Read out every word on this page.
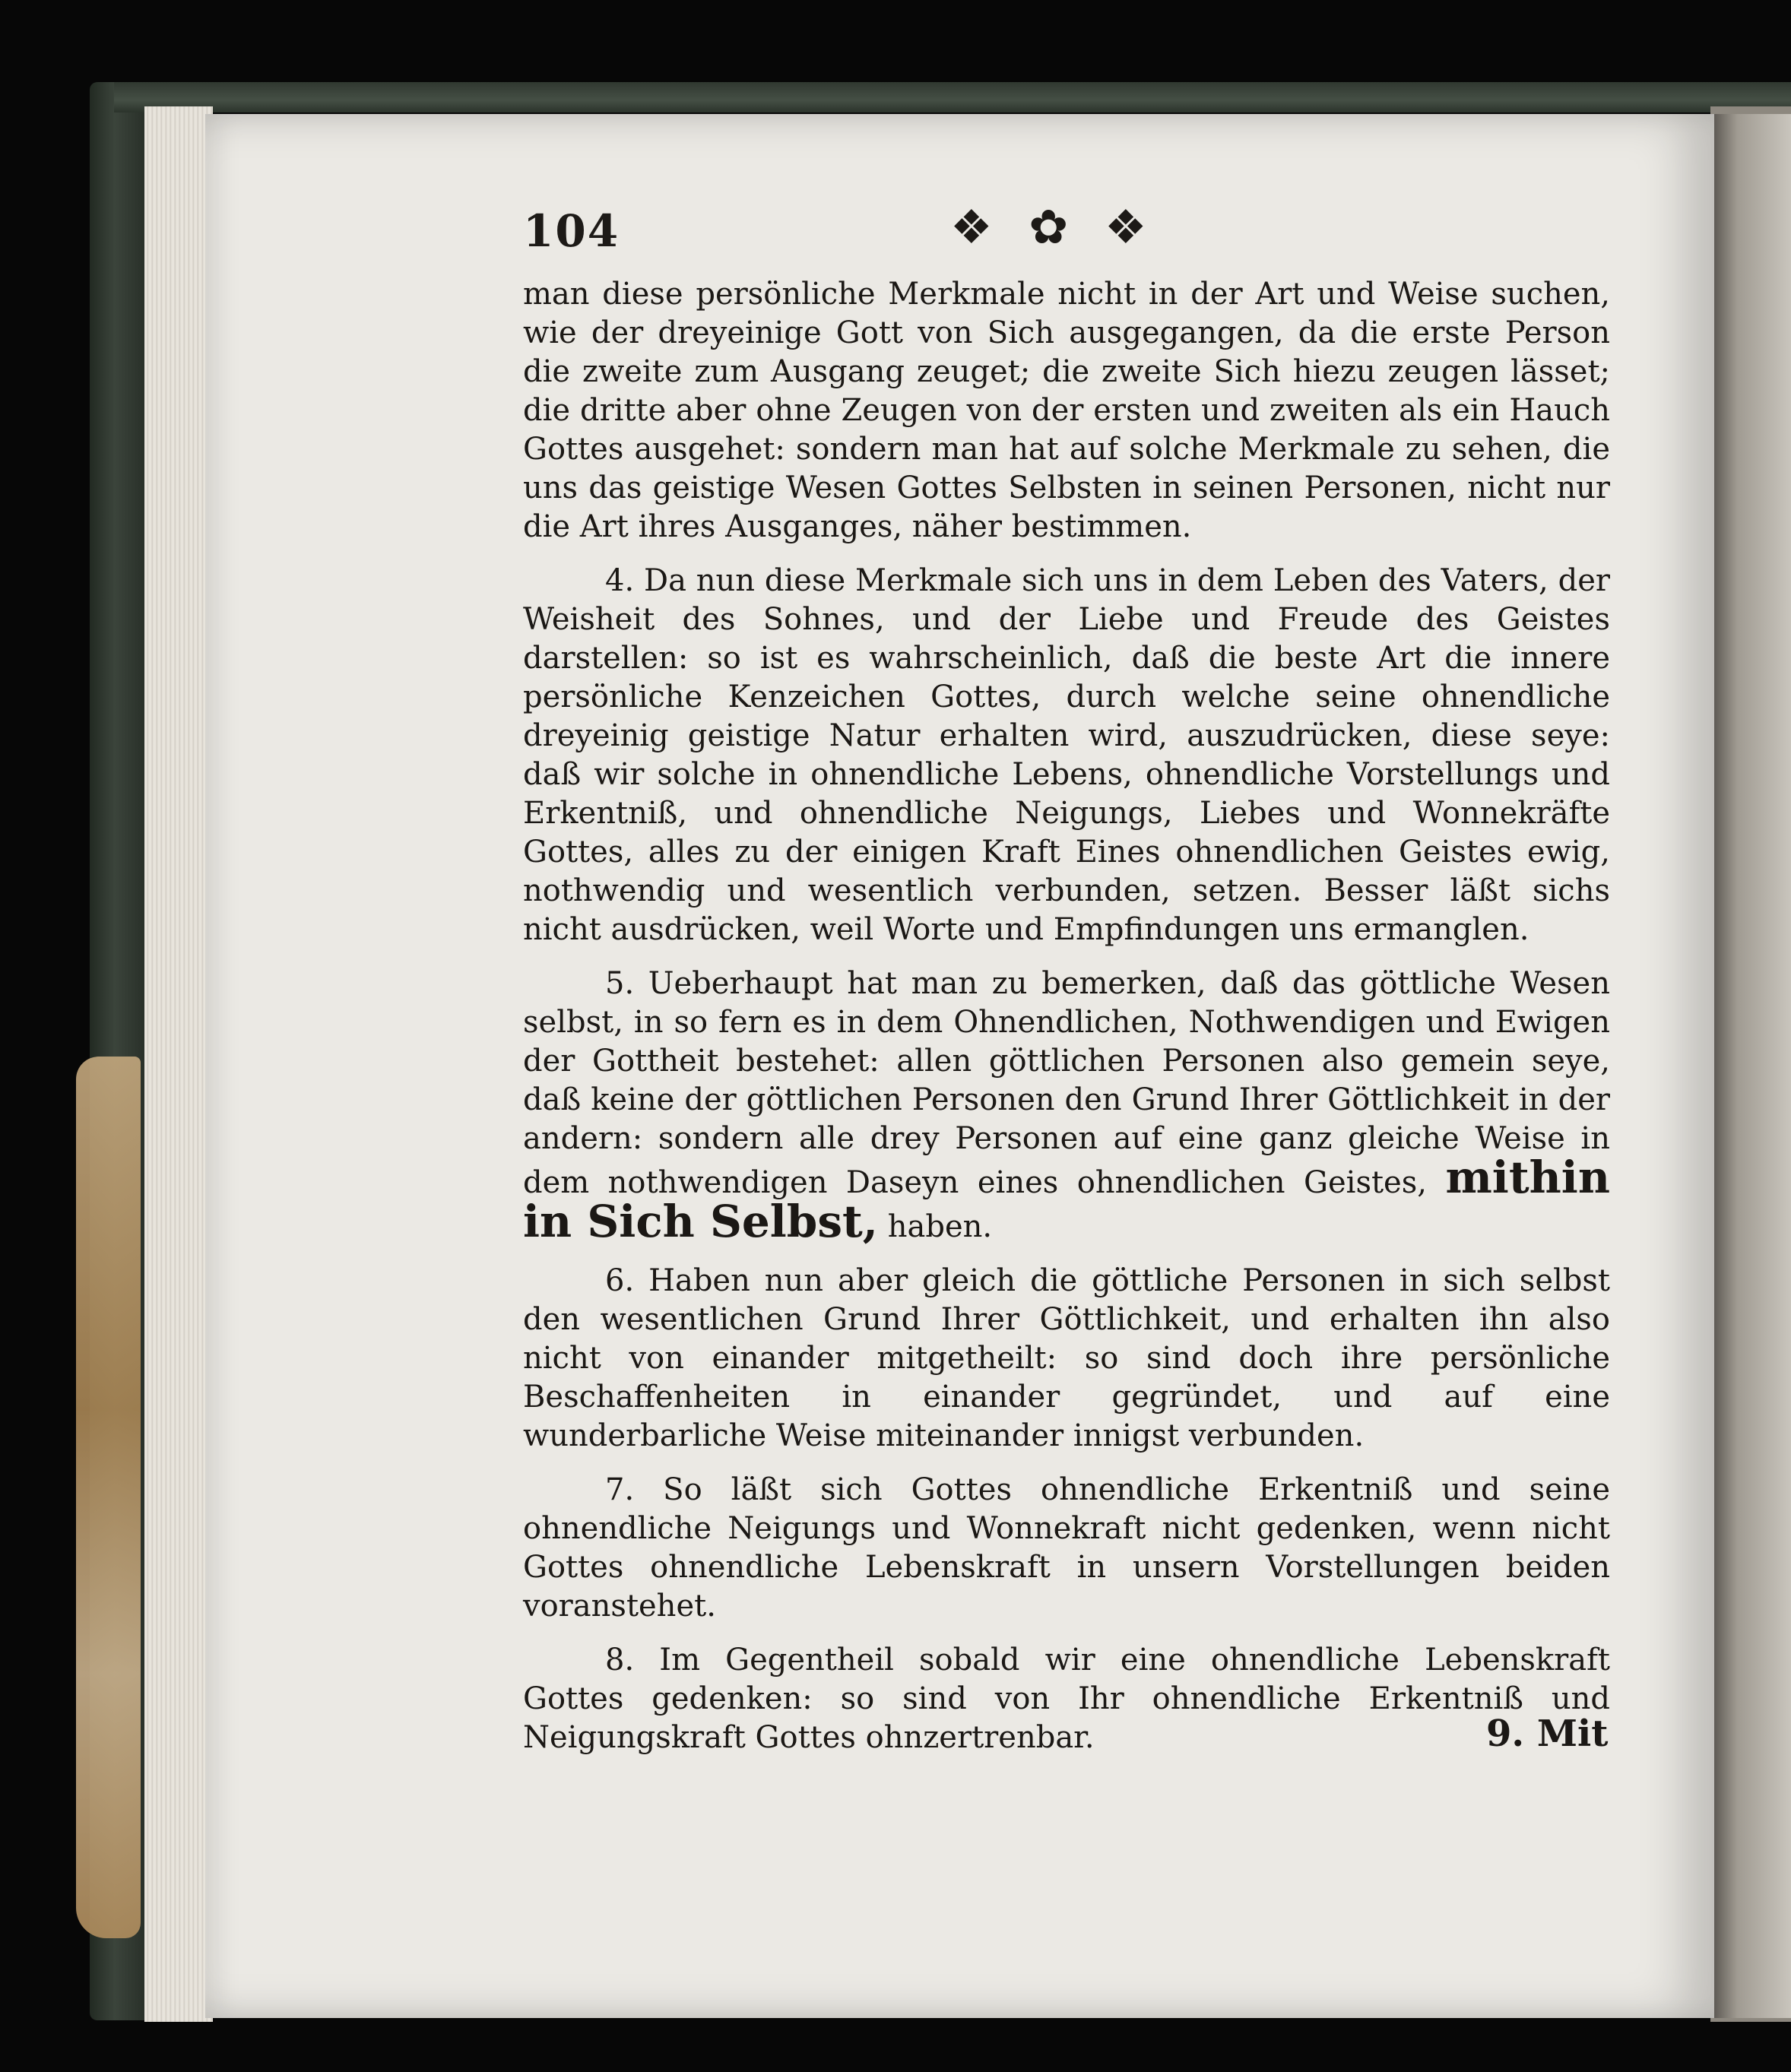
104	❖ ✿ ❖

man diese persönliche Merkmale nicht in der Art und Weise suchen, wie der dreyeinige Gott von Sich ausgegangen, da die erste Person die zweite zum Ausgang zeuget; die zweite Sich hiezu zeugen lässet; die dritte aber ohne Zeugen von der ersten und zweiten als ein Hauch Gottes ausgehet: sondern man hat auf solche Merkmale zu sehen, die uns das geistige Wesen Gottes Selbsten in seinen Personen, nicht nur die Art ihres Ausganges, näher bestimmen.

4. Da nun diese Merkmale sich uns in dem Leben des Vaters, der Weisheit des Sohnes, und der Liebe und Freude des Geistes darstellen: so ist es wahrscheinlich, daß die beste Art die innere persönliche Kenzeichen Gottes, durch welche seine ohnendliche dreyeinig geistige Natur erhalten wird, auszudrücken, diese seye: daß wir solche in ohnendliche Lebens, ohnendliche Vorstellungs und Erkentniß, und ohnendliche Neigungs, Liebes und Wonnekräfte Gottes, alles zu der einigen Kraft Eines ohnendlichen Geistes ewig, nothwendig und wesentlich verbunden, setzen. Besser läßt sichs nicht ausdrücken, weil Worte und Empfindungen uns ermanglen.

5. Ueberhaupt hat man zu bemerken, daß das göttliche Wesen selbst, in so fern es in dem Ohnendlichen, Nothwendigen und Ewigen der Gottheit bestehet: allen göttlichen Personen also gemein seye, daß keine der göttlichen Personen den Grund Ihrer Göttlichkeit in der andern: sondern alle drey Personen auf eine ganz gleiche Weise in dem nothwendigen Daseyn eines ohnendlichen Geistes, mithin in Sich Selbst, haben.

6. Haben nun aber gleich die göttliche Personen in sich selbst den wesentlichen Grund Ihrer Göttlichkeit, und erhalten ihn also nicht von einander mitgetheilt: so sind doch ihre persönliche Beschaffenheiten in einander gegründet, und auf eine wunderbarliche Weise miteinander innigst verbunden.

7. So läßt sich Gottes ohnendliche Erkentniß und seine ohnendliche Neigungs und Wonnekraft nicht gedenken, wenn nicht Gottes ohnendliche Lebenskraft in unsern Vorstellungen beiden voranstehet.

8. Im Gegentheil sobald wir eine ohnendliche Lebenskraft Gottes gedenken: so sind von Ihr ohnendliche Erkentniß und Neigungskraft Gottes ohnzertrenbar.	9. Mit
